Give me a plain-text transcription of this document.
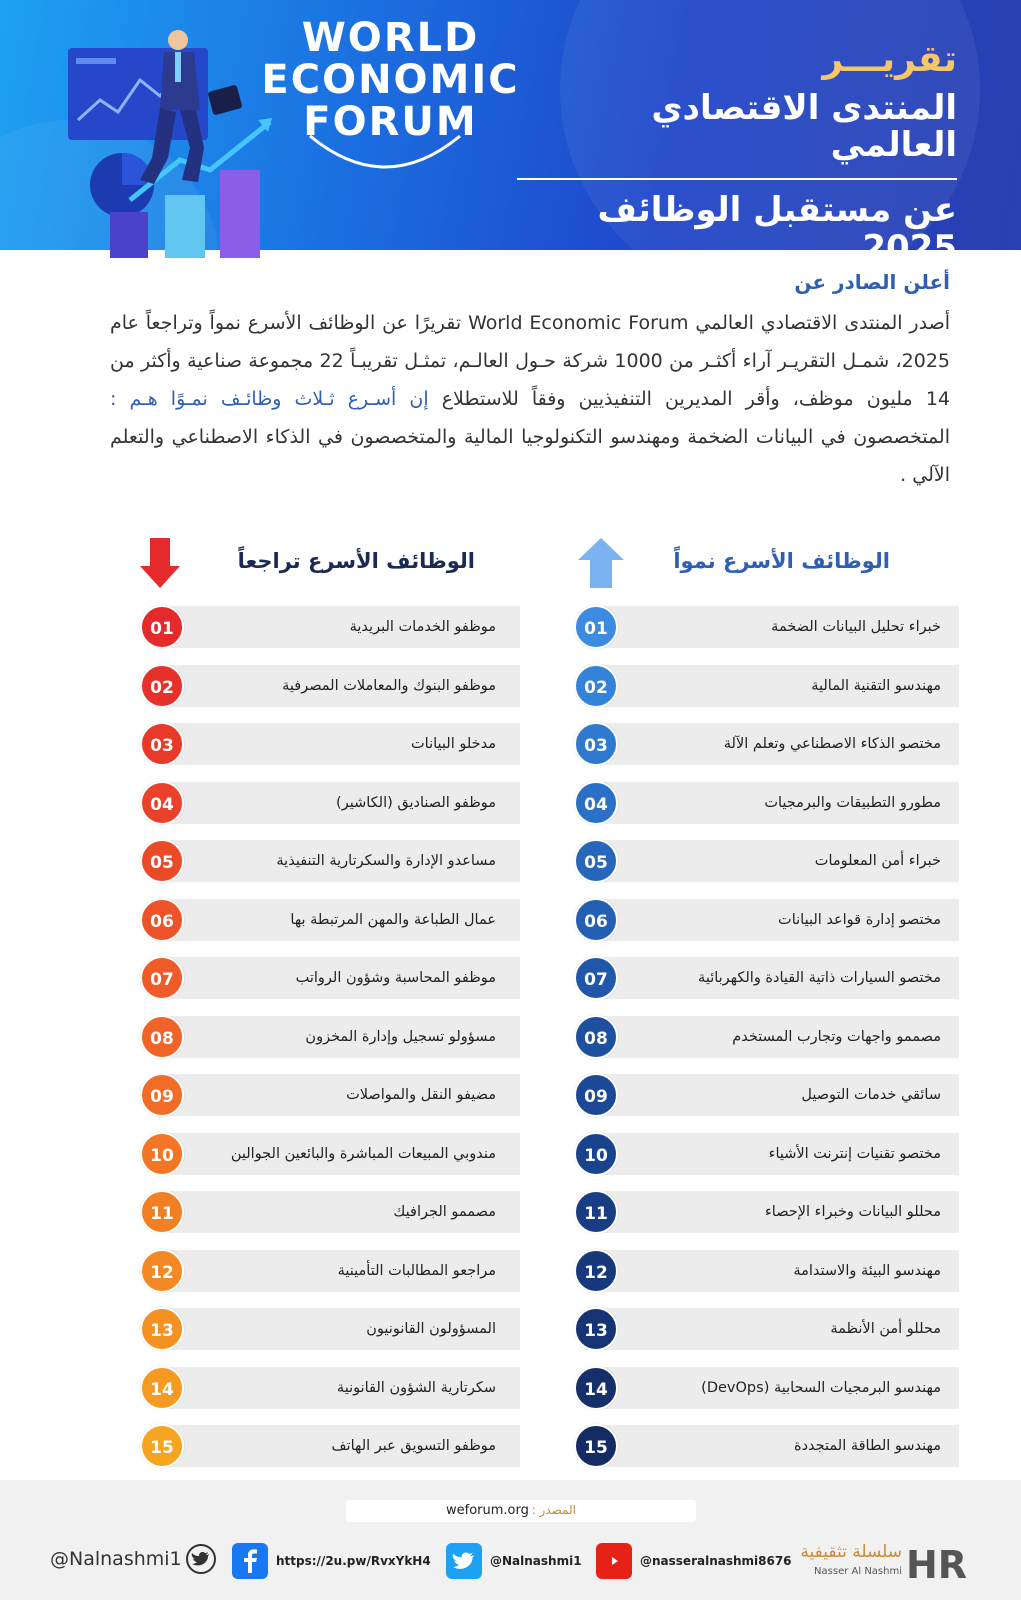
WORLD
ECONOMIC
FORUM
تقريـــر
المنتدى الاقتصادي العالمي
عن مستقبل الوظائف 2025
أعلن الصادر عن

أصدر المنتدى الاقتصادي العالمي World Economic Forum تقريرًا عن الوظائف الأسرع نمواً وتراجعاً عام 2025، شمـل التقريـر آراء أكثـر من 1000 شركة حـول العالـم، تمثـل تقريبـاً 22 مجموعة صناعية وأكثر من 14 مليون موظف، وأقر المديرين التنفيذيين وفقاً للاستطلاع إن أسـرع ثـلاث وظائـف نمـوًا هـم : المتخصصون في البيانات الضخمة ومهندسو التكنولوجيا المالية والمتخصصون في الذكاء الاصطناعي والتعلم الآلي .

الوظائف الأسرع نمواً
الوظائف الأسرع تراجعاً
خبراء تحليل البيانات الضخمة
01
مهندسو التقنية المالية
02
مختصو الذكاء الاصطناعي وتعلم الآلة
03
مطورو التطبيقات والبرمجيات
04
خبراء أمن المعلومات
05
مختصو إدارة قواعد البيانات
06
مختصو السيارات ذاتية القيادة والكهربائية
07
مصممو واجهات وتجارب المستخدم
08
سائقي خدمات التوصيل
09
مختصو تقنيات إنترنت الأشياء
10
محللو البيانات وخبراء الإحصاء
11
مهندسو البيئة والاستدامة
12
محللو أمن الأنظمة
13
مهندسو البرمجيات السحابية (DevOps)
14
مهندسو الطاقة المتجددة
15
موظفو الخدمات البريدية
01
موظفو البنوك والمعاملات المصرفية
02
مدخلو البيانات
03
موظفو الصناديق (الكاشير)
04
مساعدو الإدارة والسكرتارية التنفيذية
05
عمال الطباعة والمهن المرتبطة بها
06
موظفو المحاسبة وشؤون الرواتب
07
مسؤولو تسجيل وإدارة المخزون
08
مضيفو النقل والمواصلات
09
مندوبي المبيعات المباشرة والبائعين الجوالين
10
مصممو الجرافيك
11
مراجعو المطالبات التأمينية
12
المسؤولون القانونيون
13
سكرتارية الشؤون القانونية
14
موظفو التسويق عبر الهاتف
15
weforum.org المصدر :
@Nalnashmi1	https://2u.pw/RvxYkH4	@Nalnashmi1	@nasseralnashmi8676 سلسلة تثقيفية
Nasser Al Nashmi HR
